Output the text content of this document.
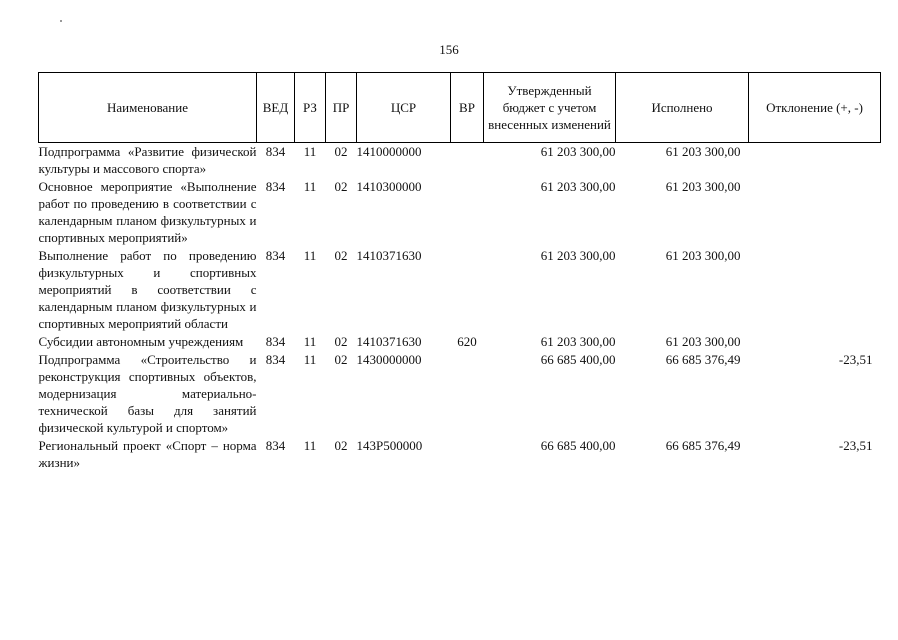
156
Наименование	ВЕД	РЗ	ПР	ЦСР	ВР	Утвержденный бюджет с учетом внесенных изменений	Исполнено	Отклонение (+, -)
Подпрограмма «Развитие физической культуры и массового спорта»	834	11	02	1410000000		61 203 300,00	61 203 300,00	
Основное мероприятие «Выполнение работ по проведению в соответствии с календарным планом физкультурных и спортивных мероприятий»	834	11	02	1410300000		61 203 300,00	61 203 300,00	
Выполнение работ по проведению физкультурных и спортивных мероприятий в соответствии с календарным планом физкультурных и спортивных мероприятий области	834	11	02	1410371630		61 203 300,00	61 203 300,00	
Субсидии автономным учреждениям	834	11	02	1410371630	620	61 203 300,00	61 203 300,00	
Подпрограмма «Строительство и реконструкция спортивных объектов, модернизация материально-технической базы для занятий физической культурой и спортом»	834	11	02	1430000000		66 685 400,00	66 685 376,49	-23,51
Региональный проект «Спорт – норма жизни»	834	11	02	143Р500000		66 685 400,00	66 685 376,49	-23,51
